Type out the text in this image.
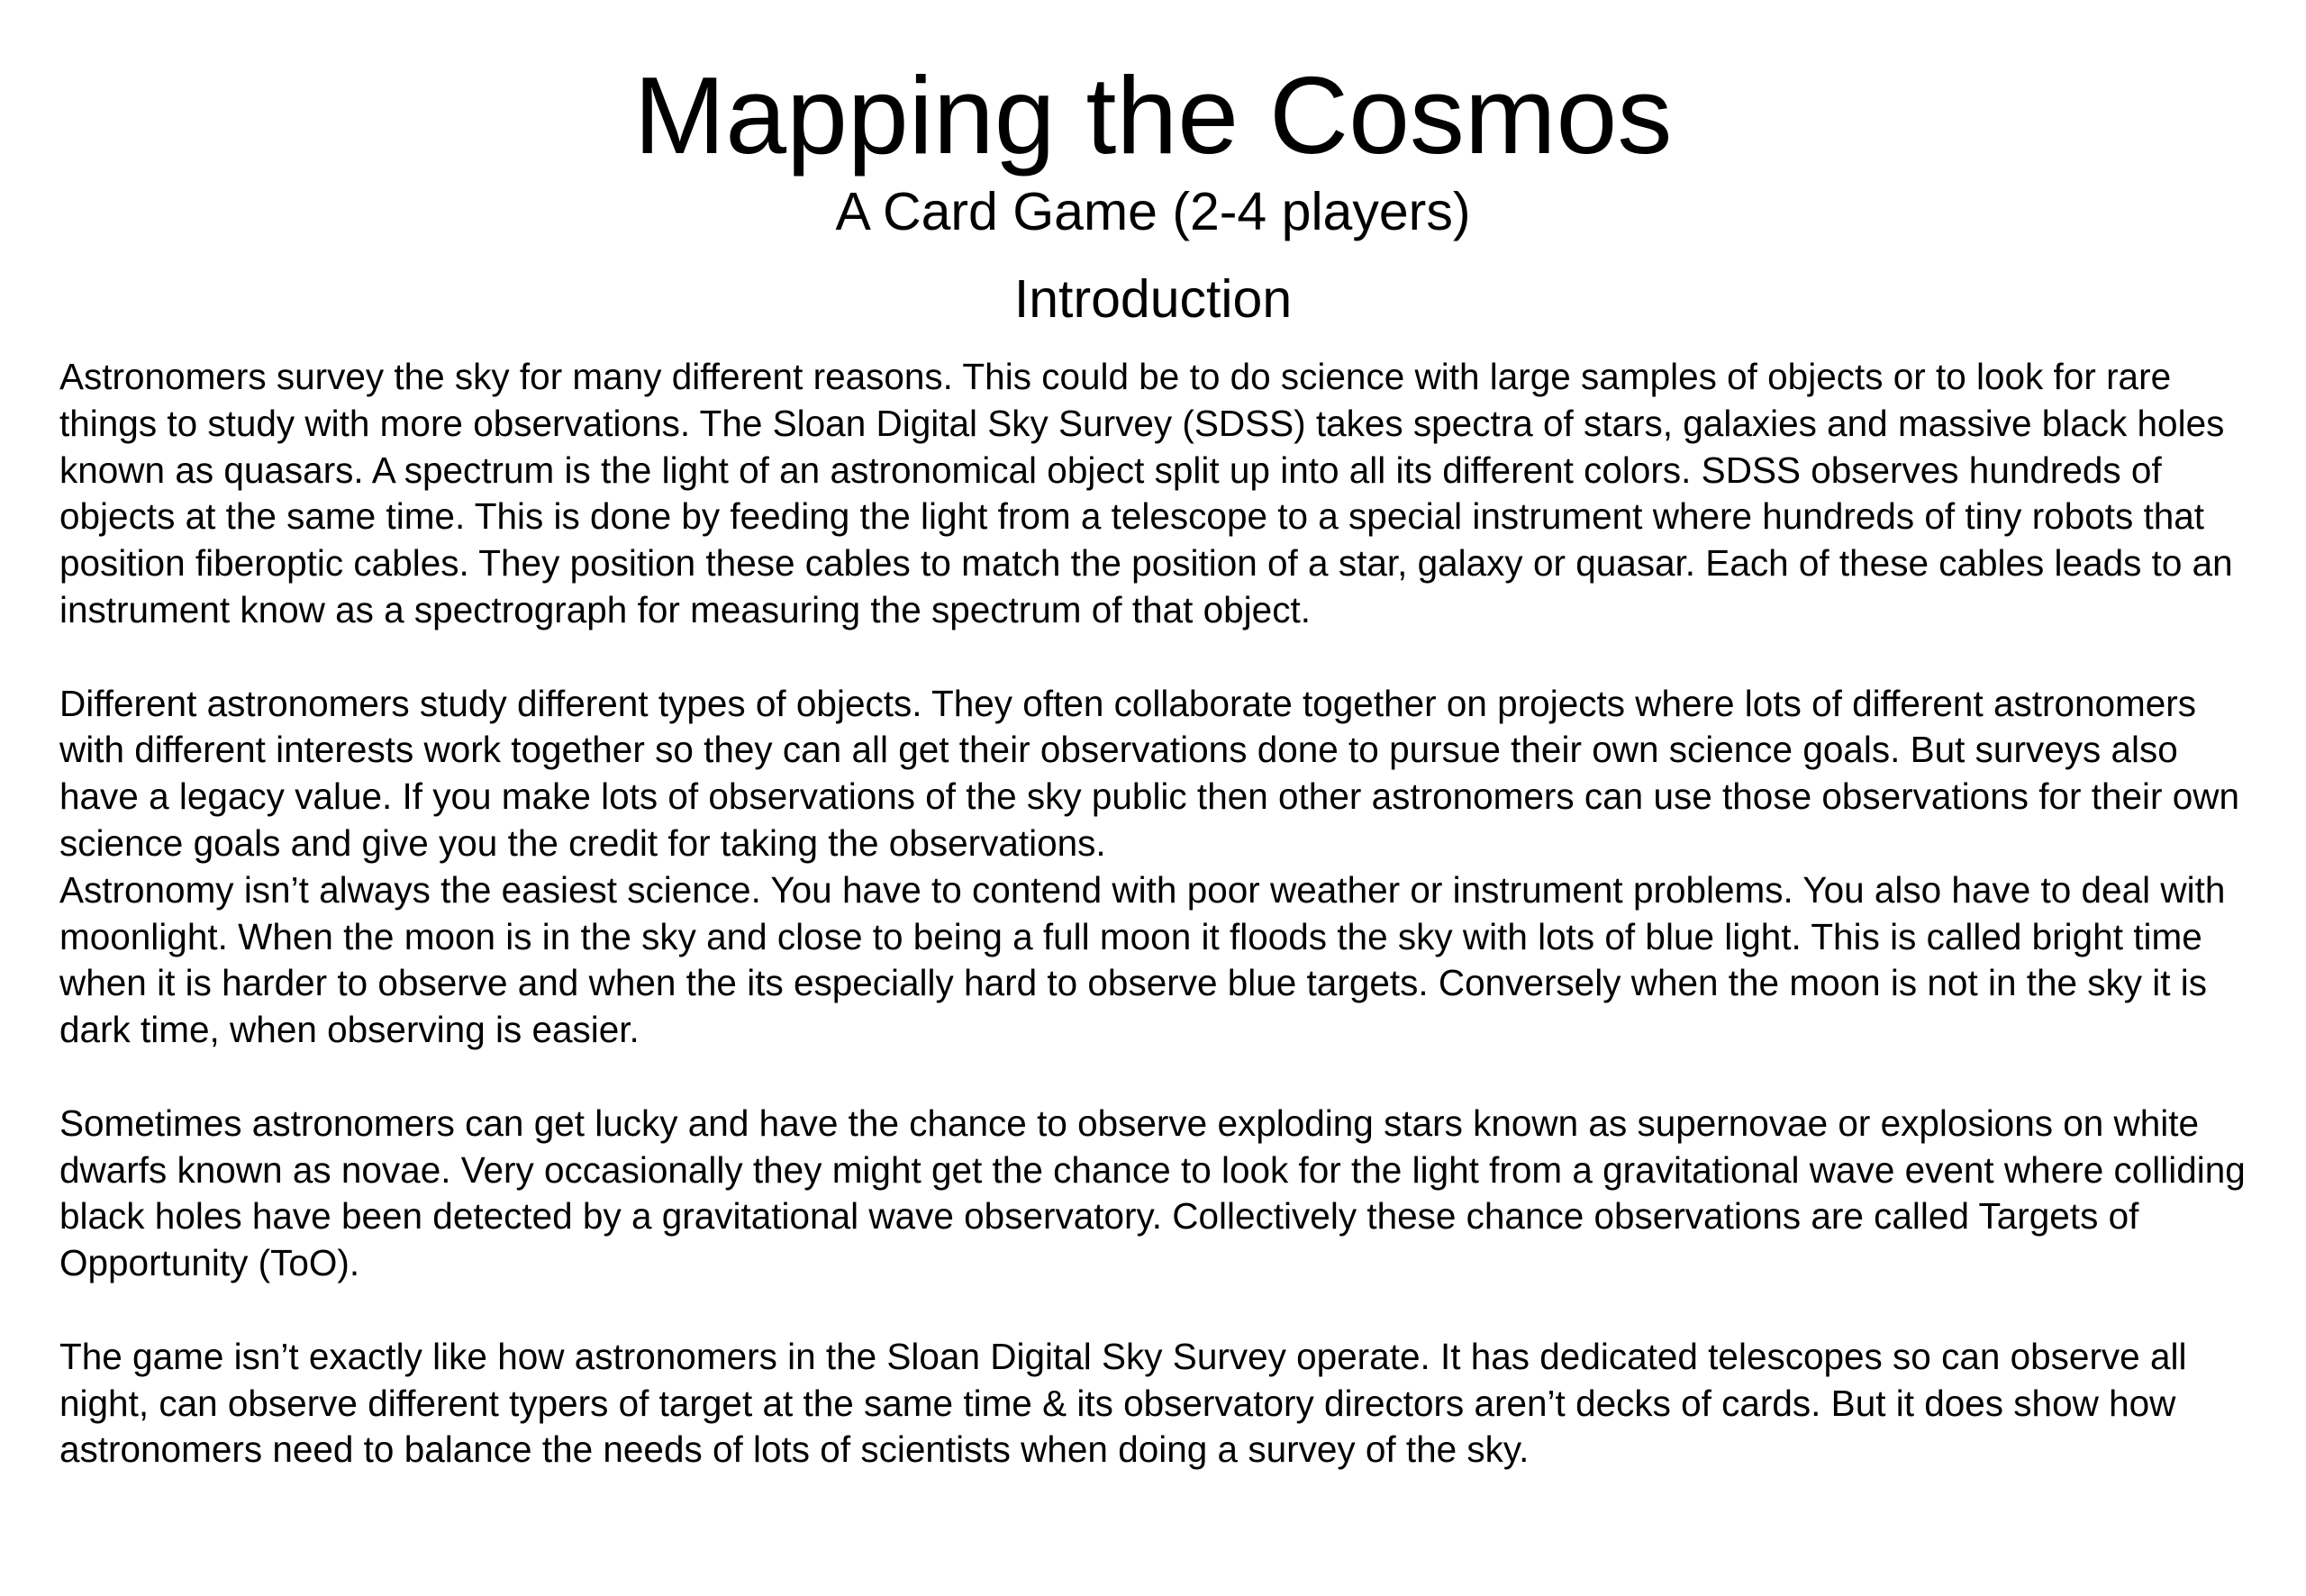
Mapping the Cosmos
A Card Game (2-4 players)
Introduction

Astronomers survey the sky for many different reasons. This could be to do science with large samples of objects or to look for rare things to study with more observations. The Sloan Digital Sky Survey (SDSS) takes spectra of stars, galaxies and massive black holes known as quasars. A spectrum is the light of an astronomical object split up into all its different colors. SDSS observes hundreds of objects at the same time. This is done by feeding the light from a telescope to a special instrument where hundreds of tiny robots that position fiberoptic cables. They position these cables to match the position of a star, galaxy or quasar. Each of these cables leads to an instrument know as a spectrograph for measuring the spectrum of that object.

Different astronomers study different types of objects. They often collaborate together on projects where lots of different astronomers with different interests work together so they can all get their observations done to pursue their own science goals. But surveys also have a legacy value. If you make lots of observations of the sky public then other astronomers can use those observations for their own science goals and give you the credit for taking the observations.

Astronomy isn’t always the easiest science. You have to contend with poor weather or instrument problems. You also have to deal with moonlight. When the moon is in the sky and close to being a full moon it floods the sky with lots of blue light. This is called bright time when it is harder to observe and when the its especially hard to observe blue targets. Conversely when the moon is not in the sky it is dark time, when observing is easier.

Sometimes astronomers can get lucky and have the chance to observe exploding stars known as supernovae or explosions on white dwarfs known as novae. Very occasionally they might get the chance to look for the light from a gravitational wave event where colliding black holes have been detected by a gravitational wave observatory. Collectively these chance observations are called Targets of Opportunity (ToO).

The game isn’t exactly like how astronomers in the Sloan Digital Sky Survey operate. It has dedicated telescopes so can observe all night, can observe different typers of target at the same time & its observatory directors aren’t decks of cards. But it does show how astronomers need to balance the needs of lots of scientists when doing a survey of the sky.
